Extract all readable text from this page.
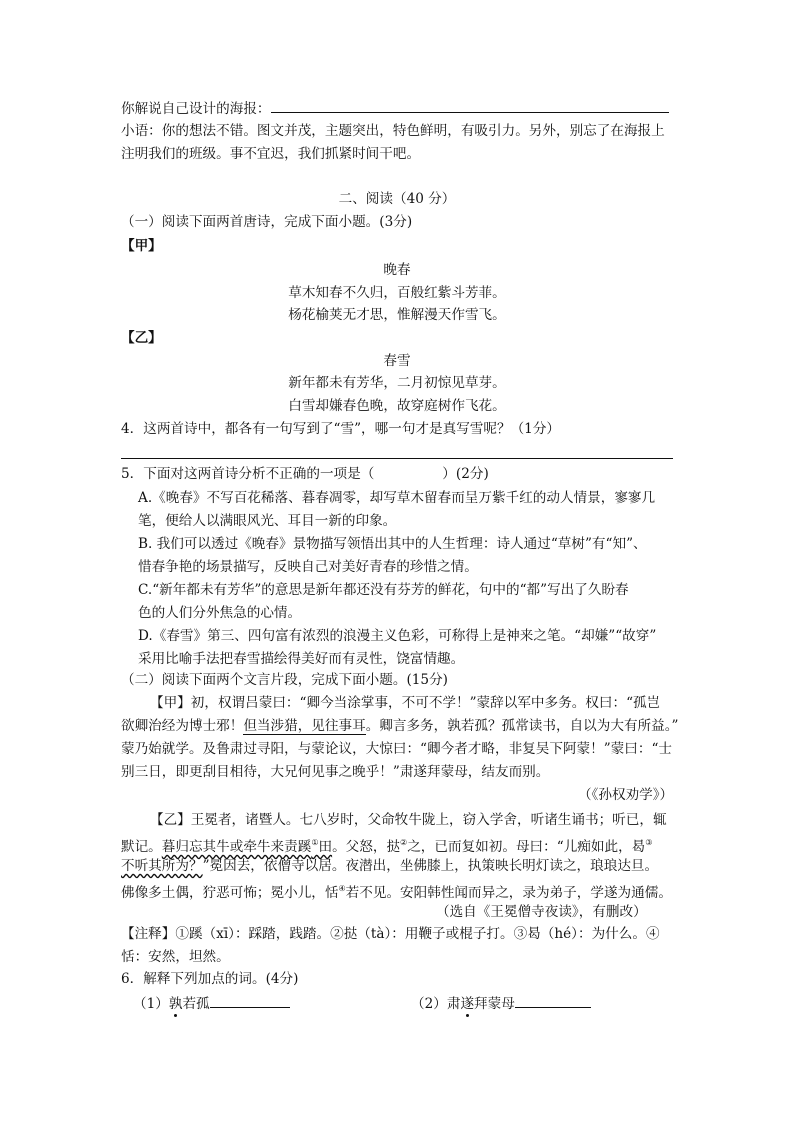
你解说自己设计的海报：
小语：你的想法不错。图文并茂，主题突出，特色鲜明，有吸引力。另外，别忘了在海报上
注明我们的班级。事不宜迟，我们抓紧时间干吧。
二、阅读（40 分）
（一）阅读下面两首唐诗，完成下面小题。(3分)
【甲】
晚春
草木知春不久归，百般红紫斗芳菲。
杨花榆荚无才思，惟解漫天作雪飞。
【乙】
春雪
新年都未有芳华，二月初惊见草芽。
白雪却嫌春色晚，故穿庭树作飞花。
4．这两首诗中，都各有一句写到了“雪”，哪一句才是真写雪呢？（1分）
5．下面对这两首诗分析不正确的一项是（　　　　　）(2分)
A.《晚春》不写百花稀落、暮春凋零，却写草木留春而呈万紫千红的动人情景，寥寥几
笔，便给人以满眼风光、耳目一新的印象。
B. 我们可以透过《晚春》景物描写领悟出其中的人生哲理：诗人通过“草树”有“知”、
惜春争艳的场景描写，反映自己对美好青春的珍惜之情。
C.“新年都未有芳华”的意思是新年都还没有芬芳的鲜花，句中的“都”写出了久盼春
色的人们分外焦急的心情。
D.《春雪》第三、四句富有浓烈的浪漫主义色彩，可称得上是神来之笔。“却嫌”“故穿”
采用比喻手法把春雪描绘得美好而有灵性，饶富情趣。
（二）阅读下面两个文言片段，完成下面小题。(15分)
【甲】初，权谓吕蒙曰：“卿今当涂掌事，不可不学！”蒙辞以军中多务。权曰：“孤岂
欲卿治经为博士邪！但当涉猎，见往事耳。卿言多务，孰若孤？孤常读书，自以为大有所益。”
蒙乃始就学。及鲁肃过寻阳，与蒙论议，大惊曰：“卿今者才略，非复吴下阿蒙！”蒙曰：“士
别三日，即更刮目相待，大兄何见事之晚乎！”肃遂拜蒙母，结友而别。
（《孙权劝学》）
【乙】王冕者，诸暨人。七八岁时，父命牧牛陇上，窃入学舍，听诸生诵书；听已，辄
默记。暮归忘其牛或牵牛来责蹊①田。父怒，挞②之，已而复如初。母曰：“儿痴如此，曷③
不听其所为？”冕因去，依僧寺以居。夜潜出，坐佛膝上，执策映长明灯读之，琅琅达旦。
佛像多土偶，狞恶可怖；冕小儿，恬④若不见。安阳韩性闻而异之，录为弟子，学遂为通儒。
（选自《王冕僧寺夜读》，有删改）
【注释】①蹊（xī）：踩踏，践踏。②挞（tà）：用鞭子或棍子打。③曷（hé）：为什么。④
恬：安然，坦然。
6．解释下列加点的词。(4分)
（1）孰若孤	（2）肃遂拜蒙母
